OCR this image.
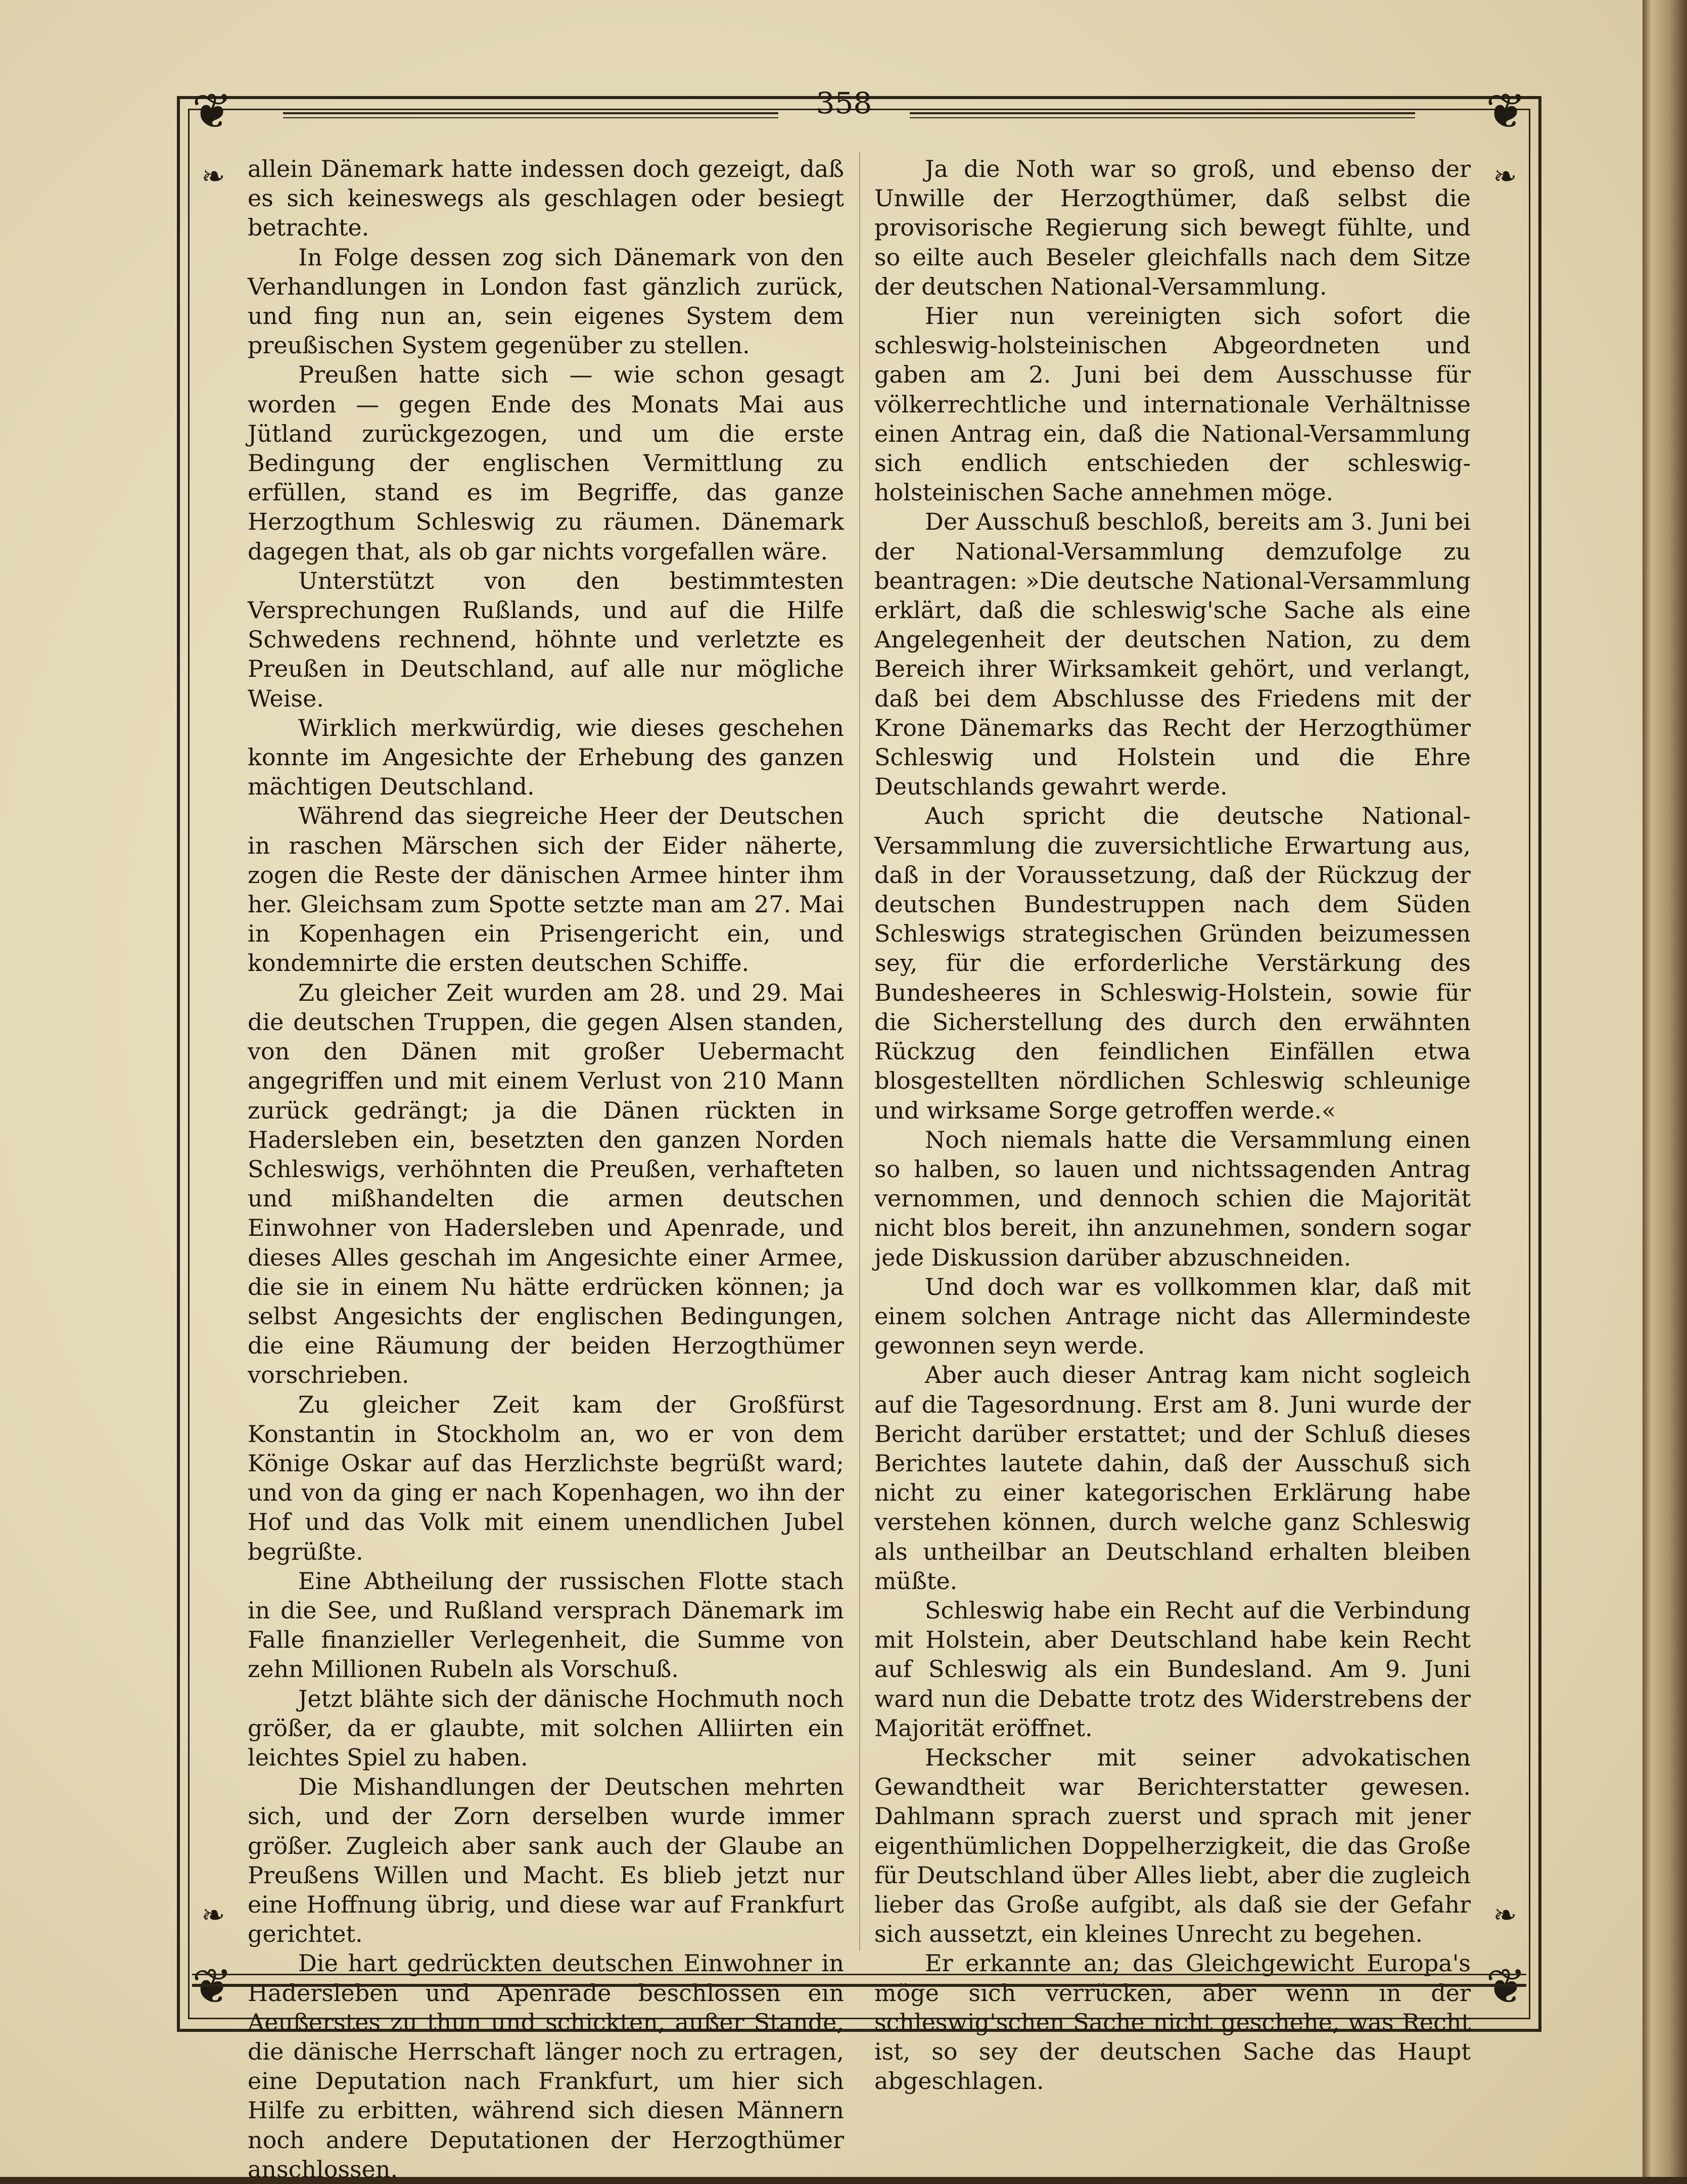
❦	❦
❦	❦
❧	❧
❧	❧
358

allein Dänemark hatte indessen doch gezeigt, daß es sich keineswegs als geschlagen oder besiegt betrachte.

In Folge dessen zog sich Dänemark von den Verhandlungen in London fast gänzlich zurück, und fing nun an, sein eigenes System dem preußischen System gegenüber zu stellen.

Preußen hatte sich — wie schon gesagt worden — gegen Ende des Monats Mai aus Jütland zurückgezogen, und um die erste Bedingung der englischen Vermittlung zu erfüllen, stand es im Begriffe, das ganze Herzogthum Schleswig zu räumen. Dänemark dagegen that, als ob gar nichts vorgefallen wäre.

Unterstützt von den bestimmtesten Versprechungen Rußlands, und auf die Hilfe Schwedens rechnend, höhnte und verletzte es Preußen in Deutschland, auf alle nur mögliche Weise.

Wirklich merkwürdig, wie dieses geschehen konnte im Angesichte der Erhebung des ganzen mächtigen Deutschland.

Während das siegreiche Heer der Deutschen in raschen Märschen sich der Eider näherte, zogen die Reste der dänischen Armee hinter ihm her. Gleichsam zum Spotte setzte man am 27. Mai in Kopenhagen ein Prisengericht ein, und kondemnirte die ersten deutschen Schiffe.

Zu gleicher Zeit wurden am 28. und 29. Mai die deutschen Truppen, die gegen Alsen standen, von den Dänen mit großer Uebermacht angegriffen und mit einem Verlust von 210 Mann zurück gedrängt; ja die Dänen rückten in Hadersleben ein, besetzten den ganzen Norden Schleswigs, verhöhnten die Preußen, verhafteten und mißhandelten die armen deutschen Einwohner von Hadersleben und Apenrade, und dieses Alles geschah im Angesichte einer Armee, die sie in einem Nu hätte erdrücken können; ja selbst Angesichts der englischen Bedingungen, die eine Räumung der beiden Herzogthümer vorschrieben.

Zu gleicher Zeit kam der Großfürst Konstantin in Stockholm an, wo er von dem Könige Oskar auf das Herzlichste begrüßt ward; und von da ging er nach Kopenhagen, wo ihn der Hof und das Volk mit einem unendlichen Jubel begrüßte.

Eine Abtheilung der russischen Flotte stach in die See, und Rußland versprach Dänemark im Falle finanzieller Verlegenheit, die Summe von zehn Millionen Rubeln als Vorschuß.

Jetzt blähte sich der dänische Hochmuth noch größer, da er glaubte, mit solchen Alliirten ein leichtes Spiel zu haben.

Die Mishandlungen der Deutschen mehrten sich, und der Zorn derselben wurde immer größer. Zugleich aber sank auch der Glaube an Preußens Willen und Macht. Es blieb jetzt nur eine Hoffnung übrig, und diese war auf Frankfurt gerichtet.

Die hart gedrückten deutschen Einwohner in Hadersleben und Apenrade beschlossen ein Aeußerstes zu thun und schickten, außer Stande, die dänische Herrschaft länger noch zu ertragen, eine Deputation nach Frankfurt, um hier sich Hilfe zu erbitten, während sich diesen Männern noch andere Deputationen der Herzogthümer anschlossen.

Ja die Noth war so groß, und ebenso der Unwille der Herzogthümer, daß selbst die provisorische Regierung sich bewegt fühlte, und so eilte auch Beseler gleichfalls nach dem Sitze der deutschen National-Versammlung.

Hier nun vereinigten sich sofort die schleswig-holsteinischen Abgeordneten und gaben am 2. Juni bei dem Ausschusse für völkerrechtliche und internationale Verhältnisse einen Antrag ein, daß die National-Versammlung sich endlich entschieden der schleswig-holsteinischen Sache annehmen möge.

Der Ausschuß beschloß, bereits am 3. Juni bei der National-Versammlung demzufolge zu beantragen: »Die deutsche National-Versammlung erklärt, daß die schleswig'sche Sache als eine Angelegenheit der deutschen Nation, zu dem Bereich ihrer Wirksamkeit gehört, und verlangt, daß bei dem Abschlusse des Friedens mit der Krone Dänemarks das Recht der Herzogthümer Schleswig und Holstein und die Ehre Deutschlands gewahrt werde.

Auch spricht die deutsche National-Versammlung die zuversichtliche Erwartung aus, daß in der Voraussetzung, daß der Rückzug der deutschen Bundestruppen nach dem Süden Schleswigs strategischen Gründen beizumessen sey, für die erforderliche Verstärkung des Bundesheeres in Schleswig-Holstein, sowie für die Sicherstellung des durch den erwähnten Rückzug den feindlichen Einfällen etwa blosgestellten nördlichen Schleswig schleunige und wirksame Sorge getroffen werde.«

Noch niemals hatte die Versammlung einen so halben, so lauen und nichtssagenden Antrag vernommen, und dennoch schien die Majorität nicht blos bereit, ihn anzunehmen, sondern sogar jede Diskussion darüber abzuschneiden.

Und doch war es vollkommen klar, daß mit einem solchen Antrage nicht das Allermindeste gewonnen seyn werde.

Aber auch dieser Antrag kam nicht sogleich auf die Tagesordnung. Erst am 8. Juni wurde der Bericht darüber erstattet; und der Schluß dieses Berichtes lautete dahin, daß der Ausschuß sich nicht zu einer kategorischen Erklärung habe verstehen können, durch welche ganz Schleswig als untheilbar an Deutschland erhalten bleiben müßte.

Schleswig habe ein Recht auf die Verbindung mit Holstein, aber Deutschland habe kein Recht auf Schleswig als ein Bundesland. Am 9. Juni ward nun die Debatte trotz des Widerstrebens der Majorität eröffnet.

Heckscher mit seiner advokatischen Gewandtheit war Berichterstatter gewesen. Dahlmann sprach zuerst und sprach mit jener eigenthümlichen Doppelherzigkeit, die das Große für Deutschland über Alles liebt, aber die zugleich lieber das Große aufgibt, als daß sie der Gefahr sich aussetzt, ein kleines Unrecht zu begehen.

Er erkannte an; das Gleichgewicht Europa's möge sich verrücken, aber wenn in der schleswig'schen Sache nicht geschehe, was Recht ist, so sey der deutschen Sache das Haupt abgeschlagen.
